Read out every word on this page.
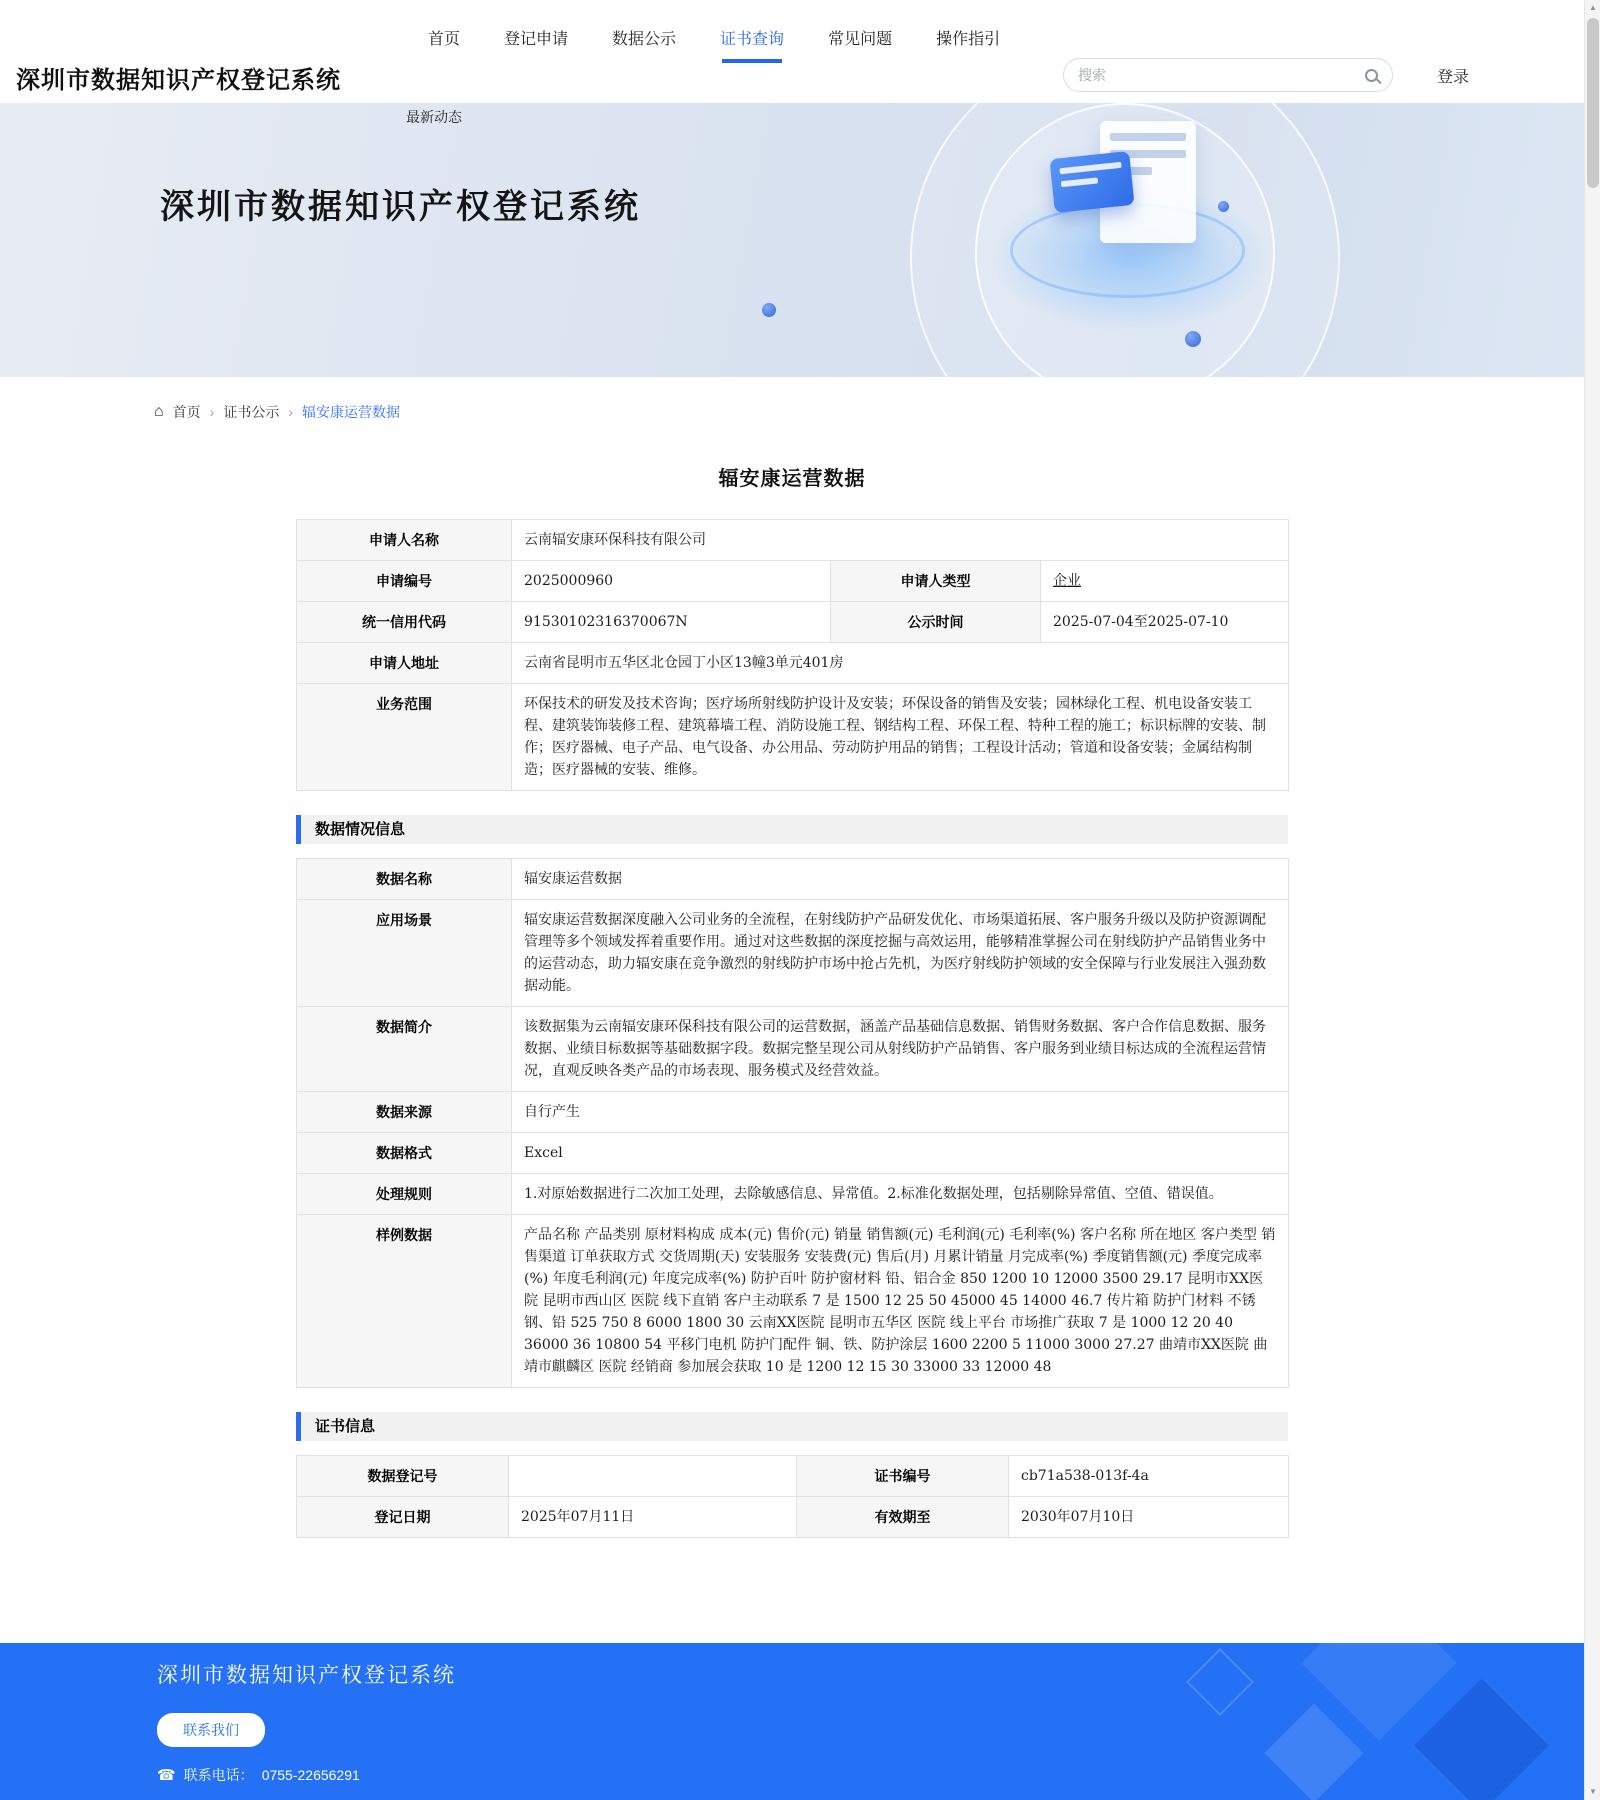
深圳市数据知识产权登记系统
首页	登记申请	数据公示	证书查询	常见问题	操作指引
搜索
登录
最新动态
深圳市数据知识产权登记系统
⌂ 首页 › 证书公示 › 辐安康运营数据
辐安康运营数据
申请人名称	云南辐安康环保科技有限公司		
申请编号	2025000960	申请人类型	企业
统一信用代码	91530102316370067N	公示时间	2025-07-04至2025-07-10
申请人地址	云南省昆明市五华区北仓园丁小区13幢3单元401房		
业务范围	环保技术的研发及技术咨询；医疗场所射线防护设计及安装；环保设备的销售及安装；园林绿化工程、机电设备安装工程、建筑装饰装修工程、建筑幕墙工程、消防设施工程、钢结构工程、环保工程、特种工程的施工；标识标牌的安装、制作；医疗器械、电子产品、电气设备、办公用品、劳动防护用品的销售；工程设计活动；管道和设备安装；金属结构制造；医疗器械的安装、维修。		
数据情况信息
数据名称	辐安康运营数据
应用场景	辐安康运营数据深度融入公司业务的全流程，在射线防护产品研发优化、市场渠道拓展、客户服务升级以及防护资源调配管理等多个领域发挥着重要作用。通过对这些数据的深度挖掘与高效运用，能够精准掌握公司在射线防护产品销售业务中的运营动态，助力辐安康在竞争激烈的射线防护市场中抢占先机，为医疗射线防护领域的安全保障与行业发展注入强劲数据动能。
数据简介	该数据集为云南辐安康环保科技有限公司的运营数据，涵盖产品基础信息数据、销售财务数据、客户合作信息数据、服务数据、业绩目标数据等基础数据字段。数据完整呈现公司从射线防护产品销售、客户服务到业绩目标达成的全流程运营情况，直观反映各类产品的市场表现、服务模式及经营效益。
数据来源	自行产生
数据格式	Excel
处理规则	1.对原始数据进行二次加工处理，去除敏感信息、异常值。2.标准化数据处理，包括剔除异常值、空值、错误值。
样例数据	产品名称 产品类别 原材料构成 成本(元) 售价(元) 销量 销售额(元) 毛利润(元) 毛利率(%) 客户名称 所在地区 客户类型 销售渠道 订单获取方式 交货周期(天) 安装服务 安装费(元) 售后(月) 月累计销量 月完成率(%) 季度销售额(元) 季度完成率(%) 年度毛利润(元) 年度完成率(%) 防护百叶 防护窗材料 铅、铝合金 850 1200 10 12000 3500 29.17 昆明市XX医院 昆明市西山区 医院 线下直销 客户主动联系 7 是 1500 12 25 50 45000 45 14000 46.7 传片箱 防护门材料 不锈钢、铅 525 750 8 6000 1800 30 云南XX医院 昆明市五华区 医院 线上平台 市场推广获取 7 是 1000 12 20 40 36000 36 10800 54 平移门电机 防护门配件 铜、铁、防护涂层 1600 2200 5 11000 3000 27.27 曲靖市XX医院 曲靖市麒麟区 医院 经销商 参加展会获取 10 是 1200 12 15 30 33000 33 12000 48
证书信息
数据登记号		证书编号	cb71a538-013f-4a
登记日期	2025年07月11日	有效期至	2030年07月10日
深圳市数据知识产权登记系统
联系我们
☎ 联系电话： 0755-22656291
▲
▼
